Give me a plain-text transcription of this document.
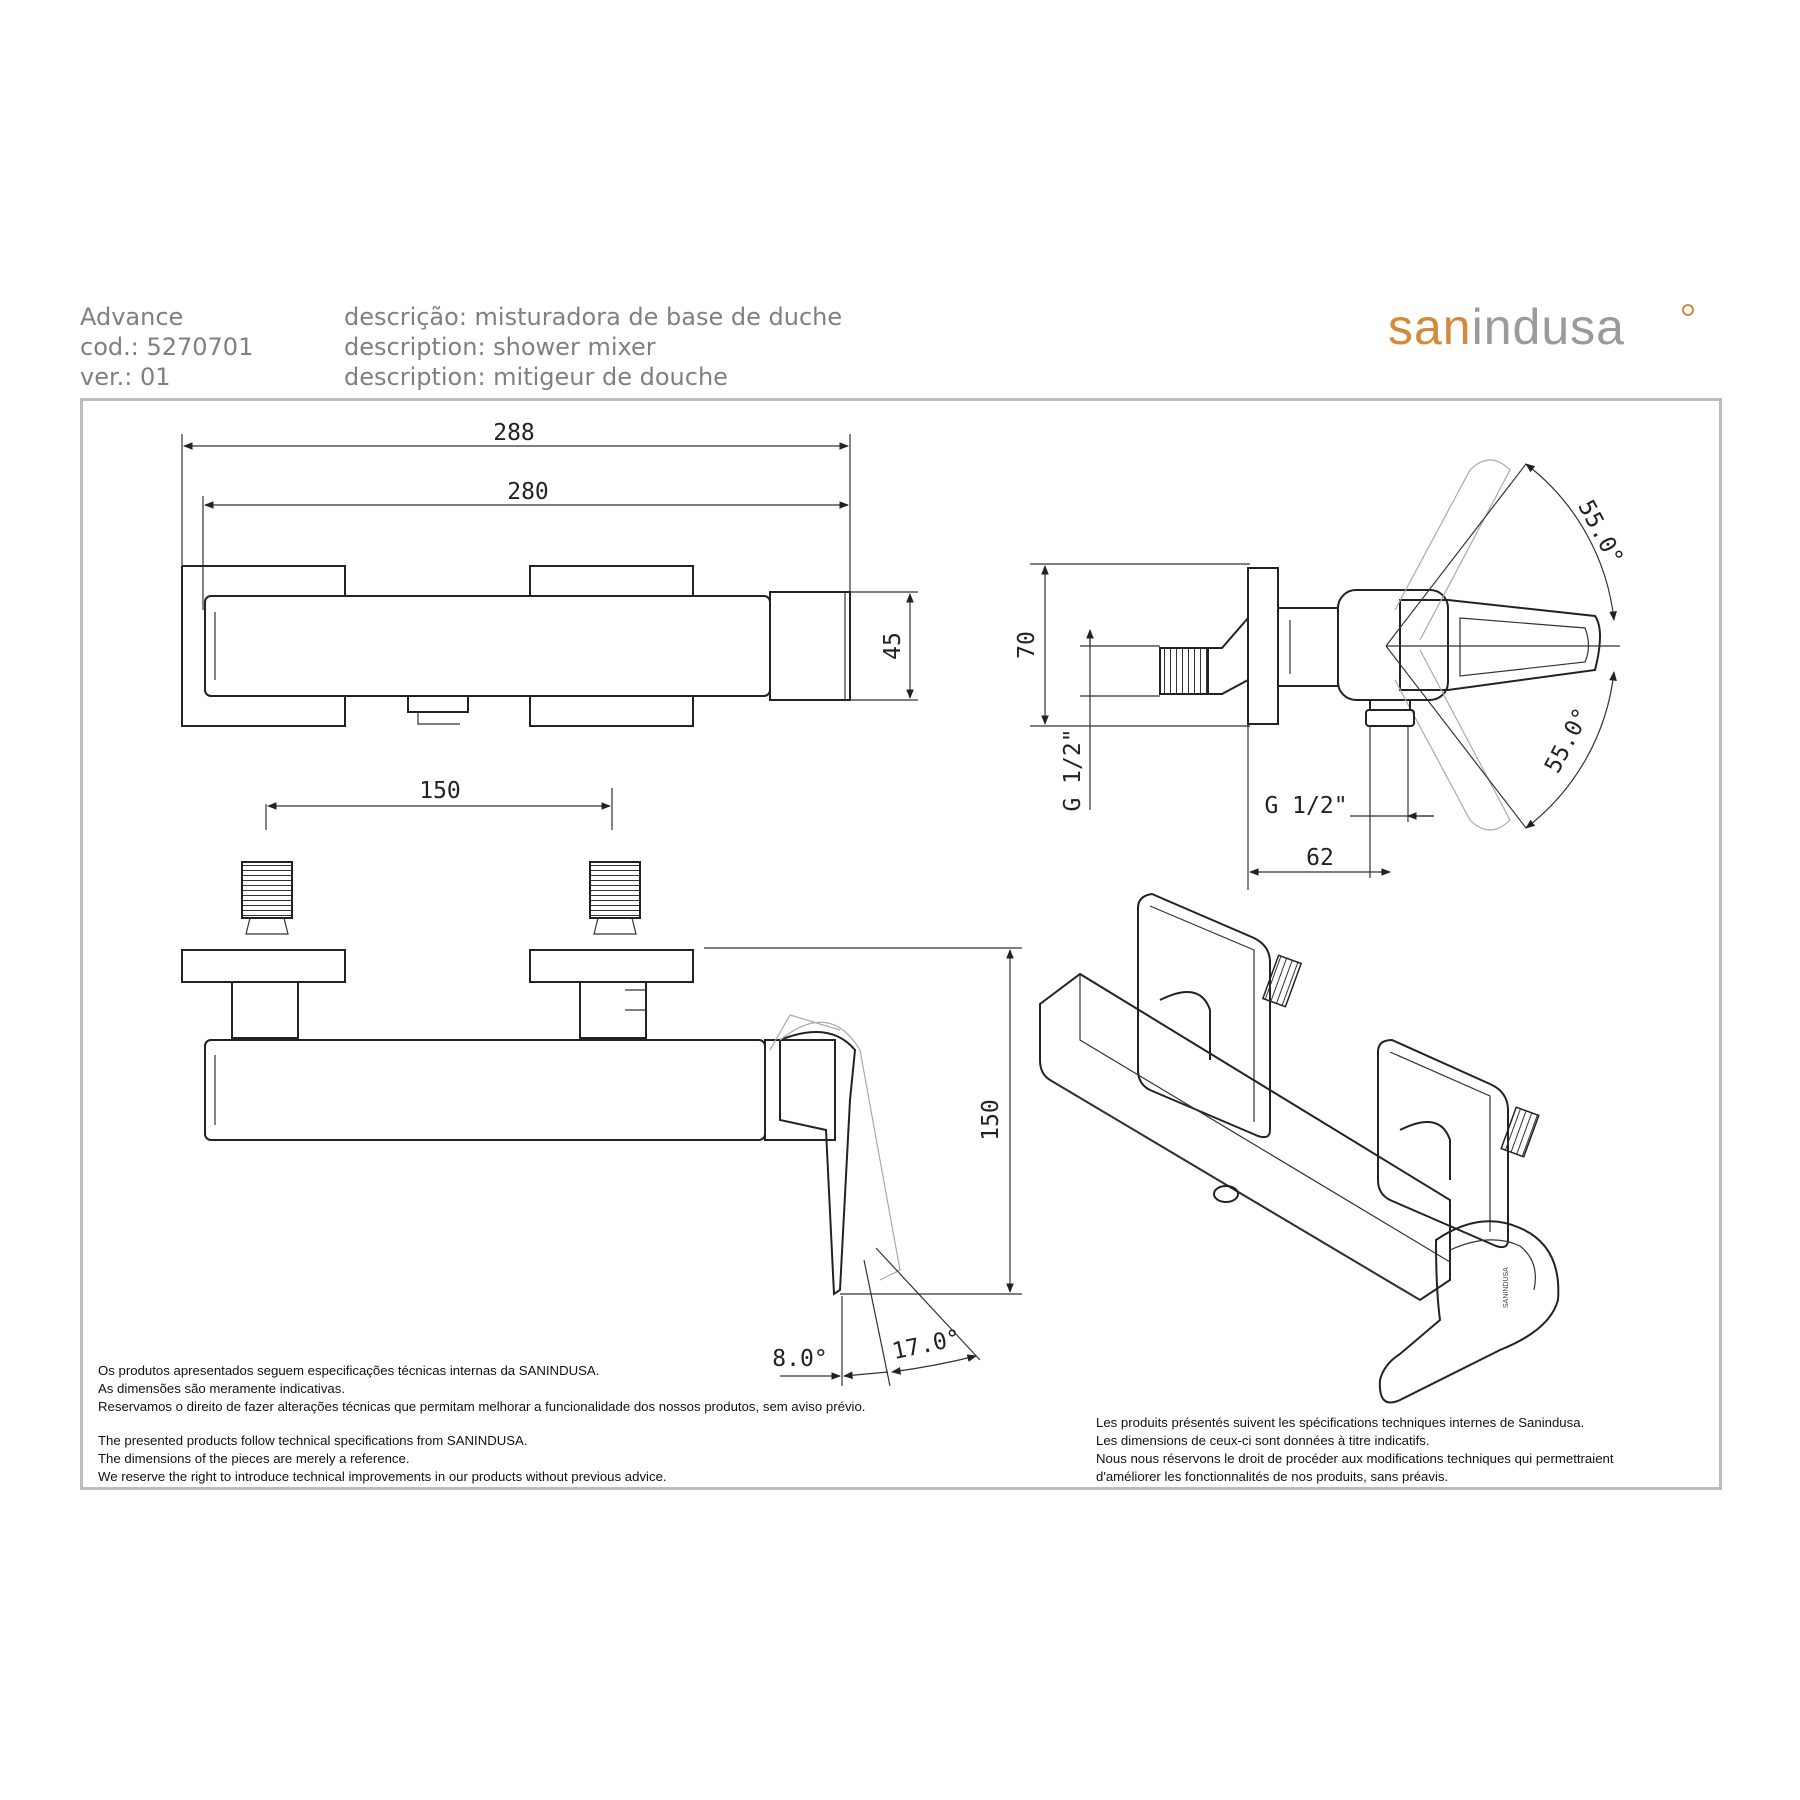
Advance
cod.: 5270701
ver.: 01
descrição: misturadora de base de duche
description: shower mixer
description: mitigeur de douche
sanindusa
288
280
45	70
G 1/2"
55.0°
55.0°
G 1/2"
62
150
150
8.0°	17.0°
SANINDUSA
Os produtos apresentados seguem especificações técnicas internas da SANINDUSA.
As dimensões são meramente indicativas.
Reservamos o direito de fazer alterações técnicas que permitam melhorar a funcionalidade dos nossos produtos, sem aviso prévio.
The presented products follow technical specifications from SANINDUSA.
The dimensions of the pieces are merely a reference.
We reserve the right to introduce technical improvements in our products without previous advice.
Les produits présentés suivent les spécifications techniques internes de Sanindusa.
Les dimensions de ceux-ci sont données à titre indicatifs.
Nous nous réservons le droit de procéder aux modifications techniques qui permettraient
d'améliorer les fonctionnalités de nos produits, sans préavis.
